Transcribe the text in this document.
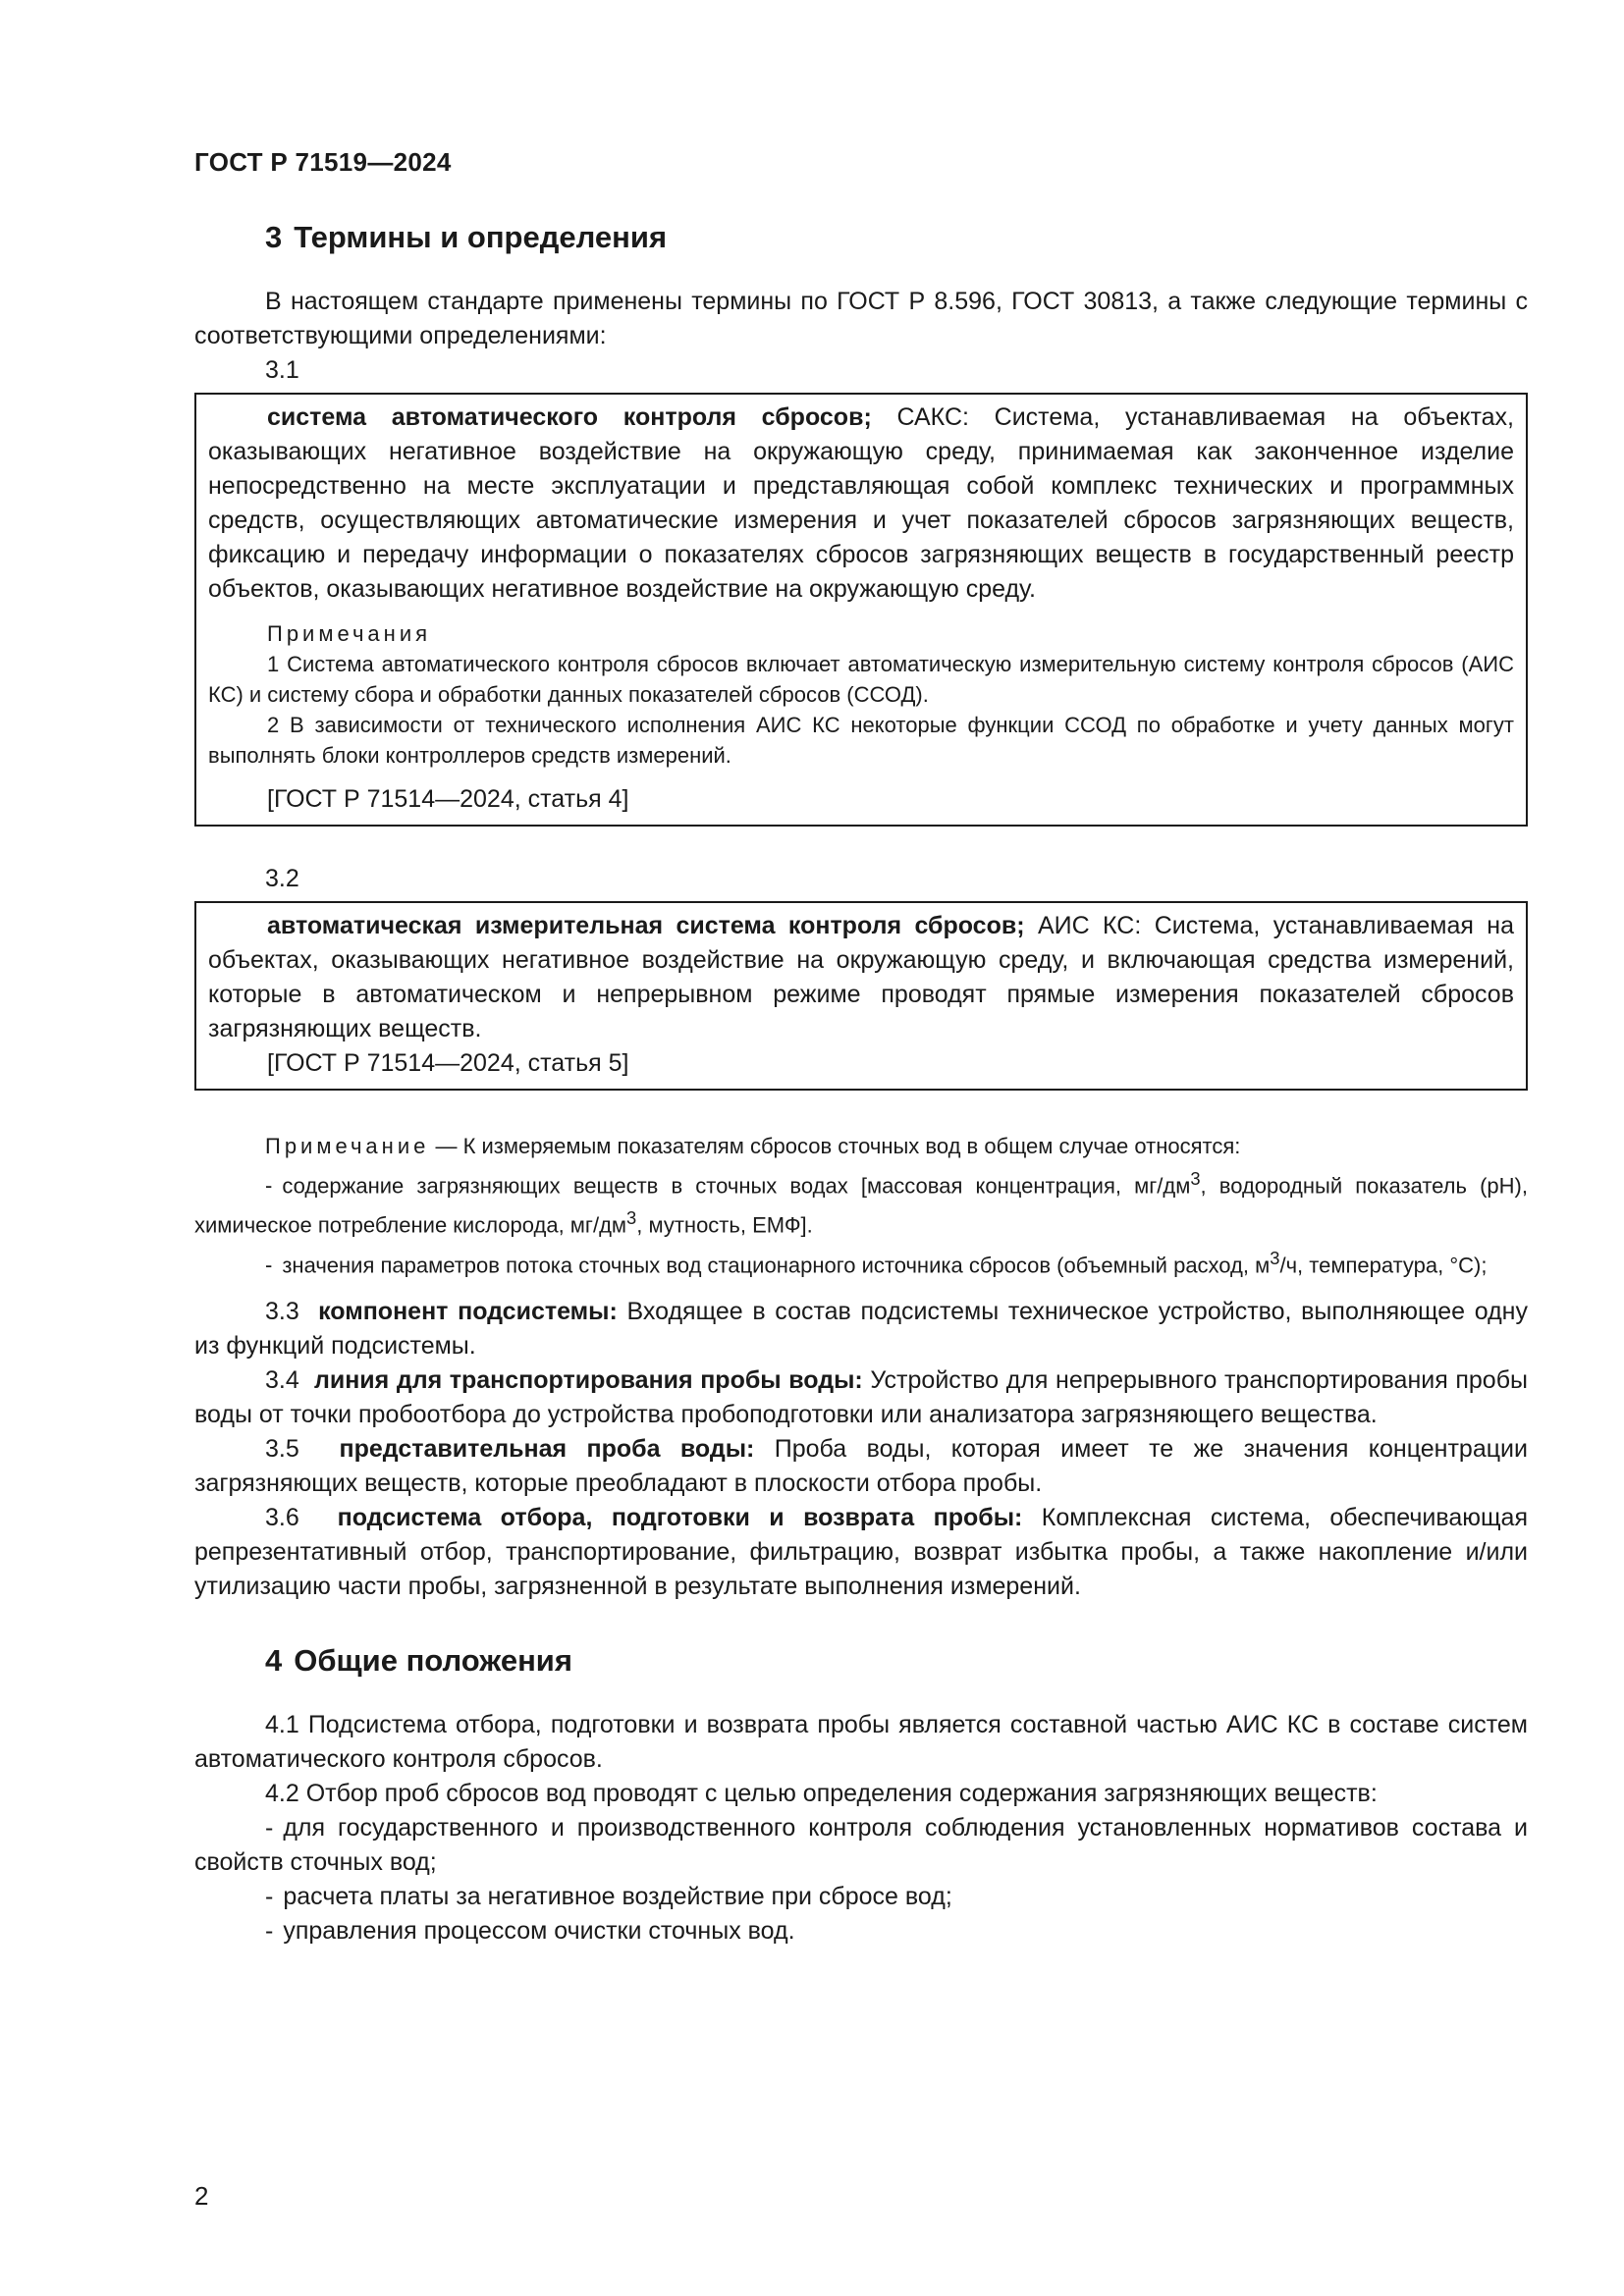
ГОСТ Р 71519—2024
3 Термины и определения

В настоящем стандарте применены термины по ГОСТ Р 8.596, ГОСТ 30813, а также следующие термины с соответствующими определениями:

3.1

система автоматического контроля сбросов; САКС: Система, устанавливаемая на объектах, оказывающих негативное воздействие на окружающую среду, принимаемая как законченное изделие непосредственно на месте эксплуатации и представляющая собой комплекс технических и программных средств, осуществляющих автоматические измерения и учет показателей сбросов загрязняющих веществ, фиксацию и передачу информации о показателях сбросов загрязняющих веществ в государственный реестр объектов, оказывающих негативное воздействие на окружающую среду.

Примечания

1 Система автоматического контроля сбросов включает автоматическую измерительную систему контроля сбросов (АИС КС) и систему сбора и обработки данных показателей сбросов (ССОД).

2 В зависимости от технического исполнения АИС КС некоторые функции ССОД по обработке и учету данных могут выполнять блоки контроллеров средств измерений.

[ГОСТ Р 71514—2024, статья 4]
3.2

автоматическая измерительная система контроля сбросов; АИС КС: Система, устанавливаемая на объектах, оказывающих негативное воздействие на окружающую среду, и включающая средства измерений, которые в автоматическом и непрерывном режиме проводят прямые измерения показателей сбросов загрязняющих веществ.

[ГОСТ Р 71514—2024, статья 5]

Примечание — К измеряемым показателям сбросов сточных вод в общем случае относятся:

- содержание загрязняющих веществ в сточных водах [массовая концентрация, $мг/дм^3$, водородный показатель (pH), химическое потребление кислорода, $мг/дм^3$, мутность, ЕМФ].

- значения параметров потока сточных вод стационарного источника сбросов (объемный расход, $м^3/ч$, температура, °С);

3.3 компонент подсистемы: Входящее в состав подсистемы техническое устройство, выполняющее одну из функций подсистемы.

3.4 линия для транспортирования пробы воды: Устройство для непрерывного транспортирования пробы воды от точки пробоотбора до устройства пробоподготовки или анализатора загрязняющего вещества.

3.5 представительная проба воды: Проба воды, которая имеет те же значения концентрации загрязняющих веществ, которые преобладают в плоскости отбора пробы.

3.6 подсистема отбора, подготовки и возврата пробы: Комплексная система, обеспечивающая репрезентативный отбор, транспортирование, фильтрацию, возврат избытка пробы, а также накопление и/или утилизацию части пробы, загрязненной в результате выполнения измерений.

4 Общие положения

4.1 Подсистема отбора, подготовки и возврата пробы является составной частью АИС КС в составе систем автоматического контроля сбросов.

4.2 Отбор проб сбросов вод проводят с целью определения содержания загрязняющих веществ:

- для государственного и производственного контроля соблюдения установленных нормативов состава и свойств сточных вод;

- расчета платы за негативное воздействие при сбросе вод;

- управления процессом очистки сточных вод.

2
